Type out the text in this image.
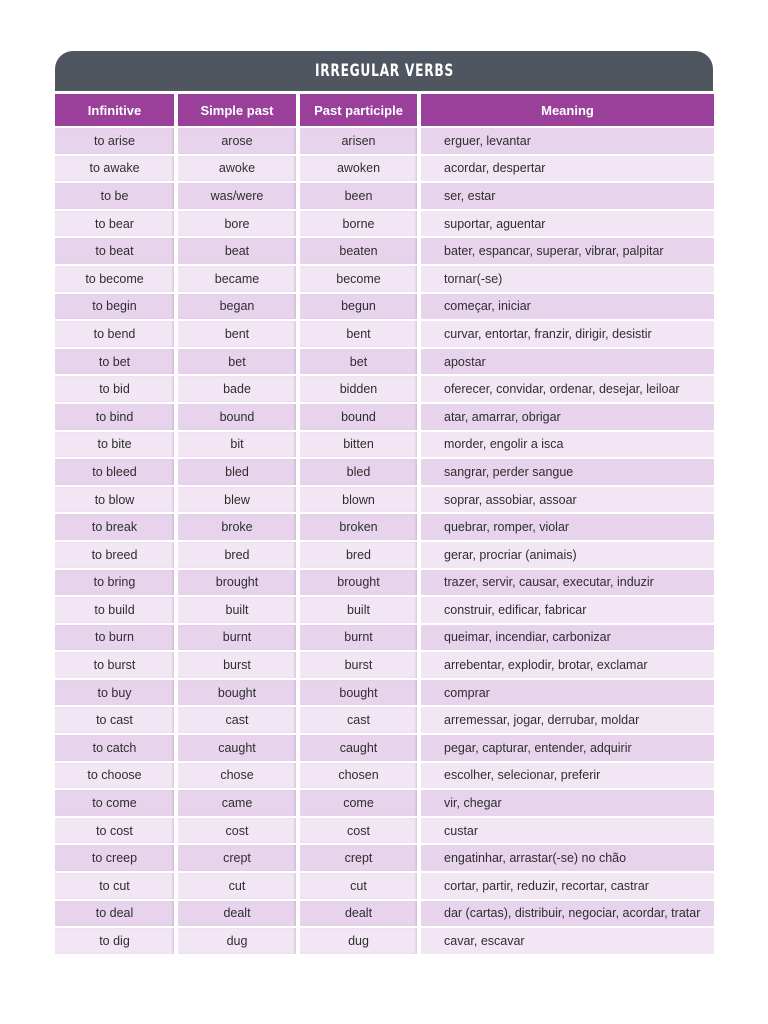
IRREGULAR VERBS
Infinitive	Simple past	Past participle	Meaning
to arise	arose	arisen	erguer, levantar
to awake	awoke	awoken	acordar, despertar
to be	was/were	been	ser, estar
to bear	bore	borne	suportar, aguentar
to beat	beat	beaten	bater, espancar, superar, vibrar, palpitar
to become	became	become	tornar(-se)
to begin	began	begun	começar, iniciar
to bend	bent	bent	curvar, entortar, franzir, dirigir, desistir
to bet	bet	bet	apostar
to bid	bade	bidden	oferecer, convidar, ordenar, desejar, leiloar
to bind	bound	bound	atar, amarrar, obrigar
to bite	bit	bitten	morder, engolir a isca
to bleed	bled	bled	sangrar, perder sangue
to blow	blew	blown	soprar, assobiar, assoar
to break	broke	broken	quebrar, romper, violar
to breed	bred	bred	gerar, procriar (animais)
to bring	brought	brought	trazer, servir, causar, executar, induzir
to build	built	built	construir, edificar, fabricar
to burn	burnt	burnt	queimar, incendiar, carbonizar
to burst	burst	burst	arrebentar, explodir, brotar, exclamar
to buy	bought	bought	comprar
to cast	cast	cast	arremessar, jogar, derrubar, moldar
to catch	caught	caught	pegar, capturar, entender, adquirir
to choose	chose	chosen	escolher, selecionar, preferir
to come	came	come	vir, chegar
to cost	cost	cost	custar
to creep	crept	crept	engatinhar, arrastar(-se) no chão
to cut	cut	cut	cortar, partir, reduzir, recortar, castrar
to deal	dealt	dealt	dar (cartas), distribuir, negociar, acordar, tratar
to dig	dug	dug	cavar, escavar
